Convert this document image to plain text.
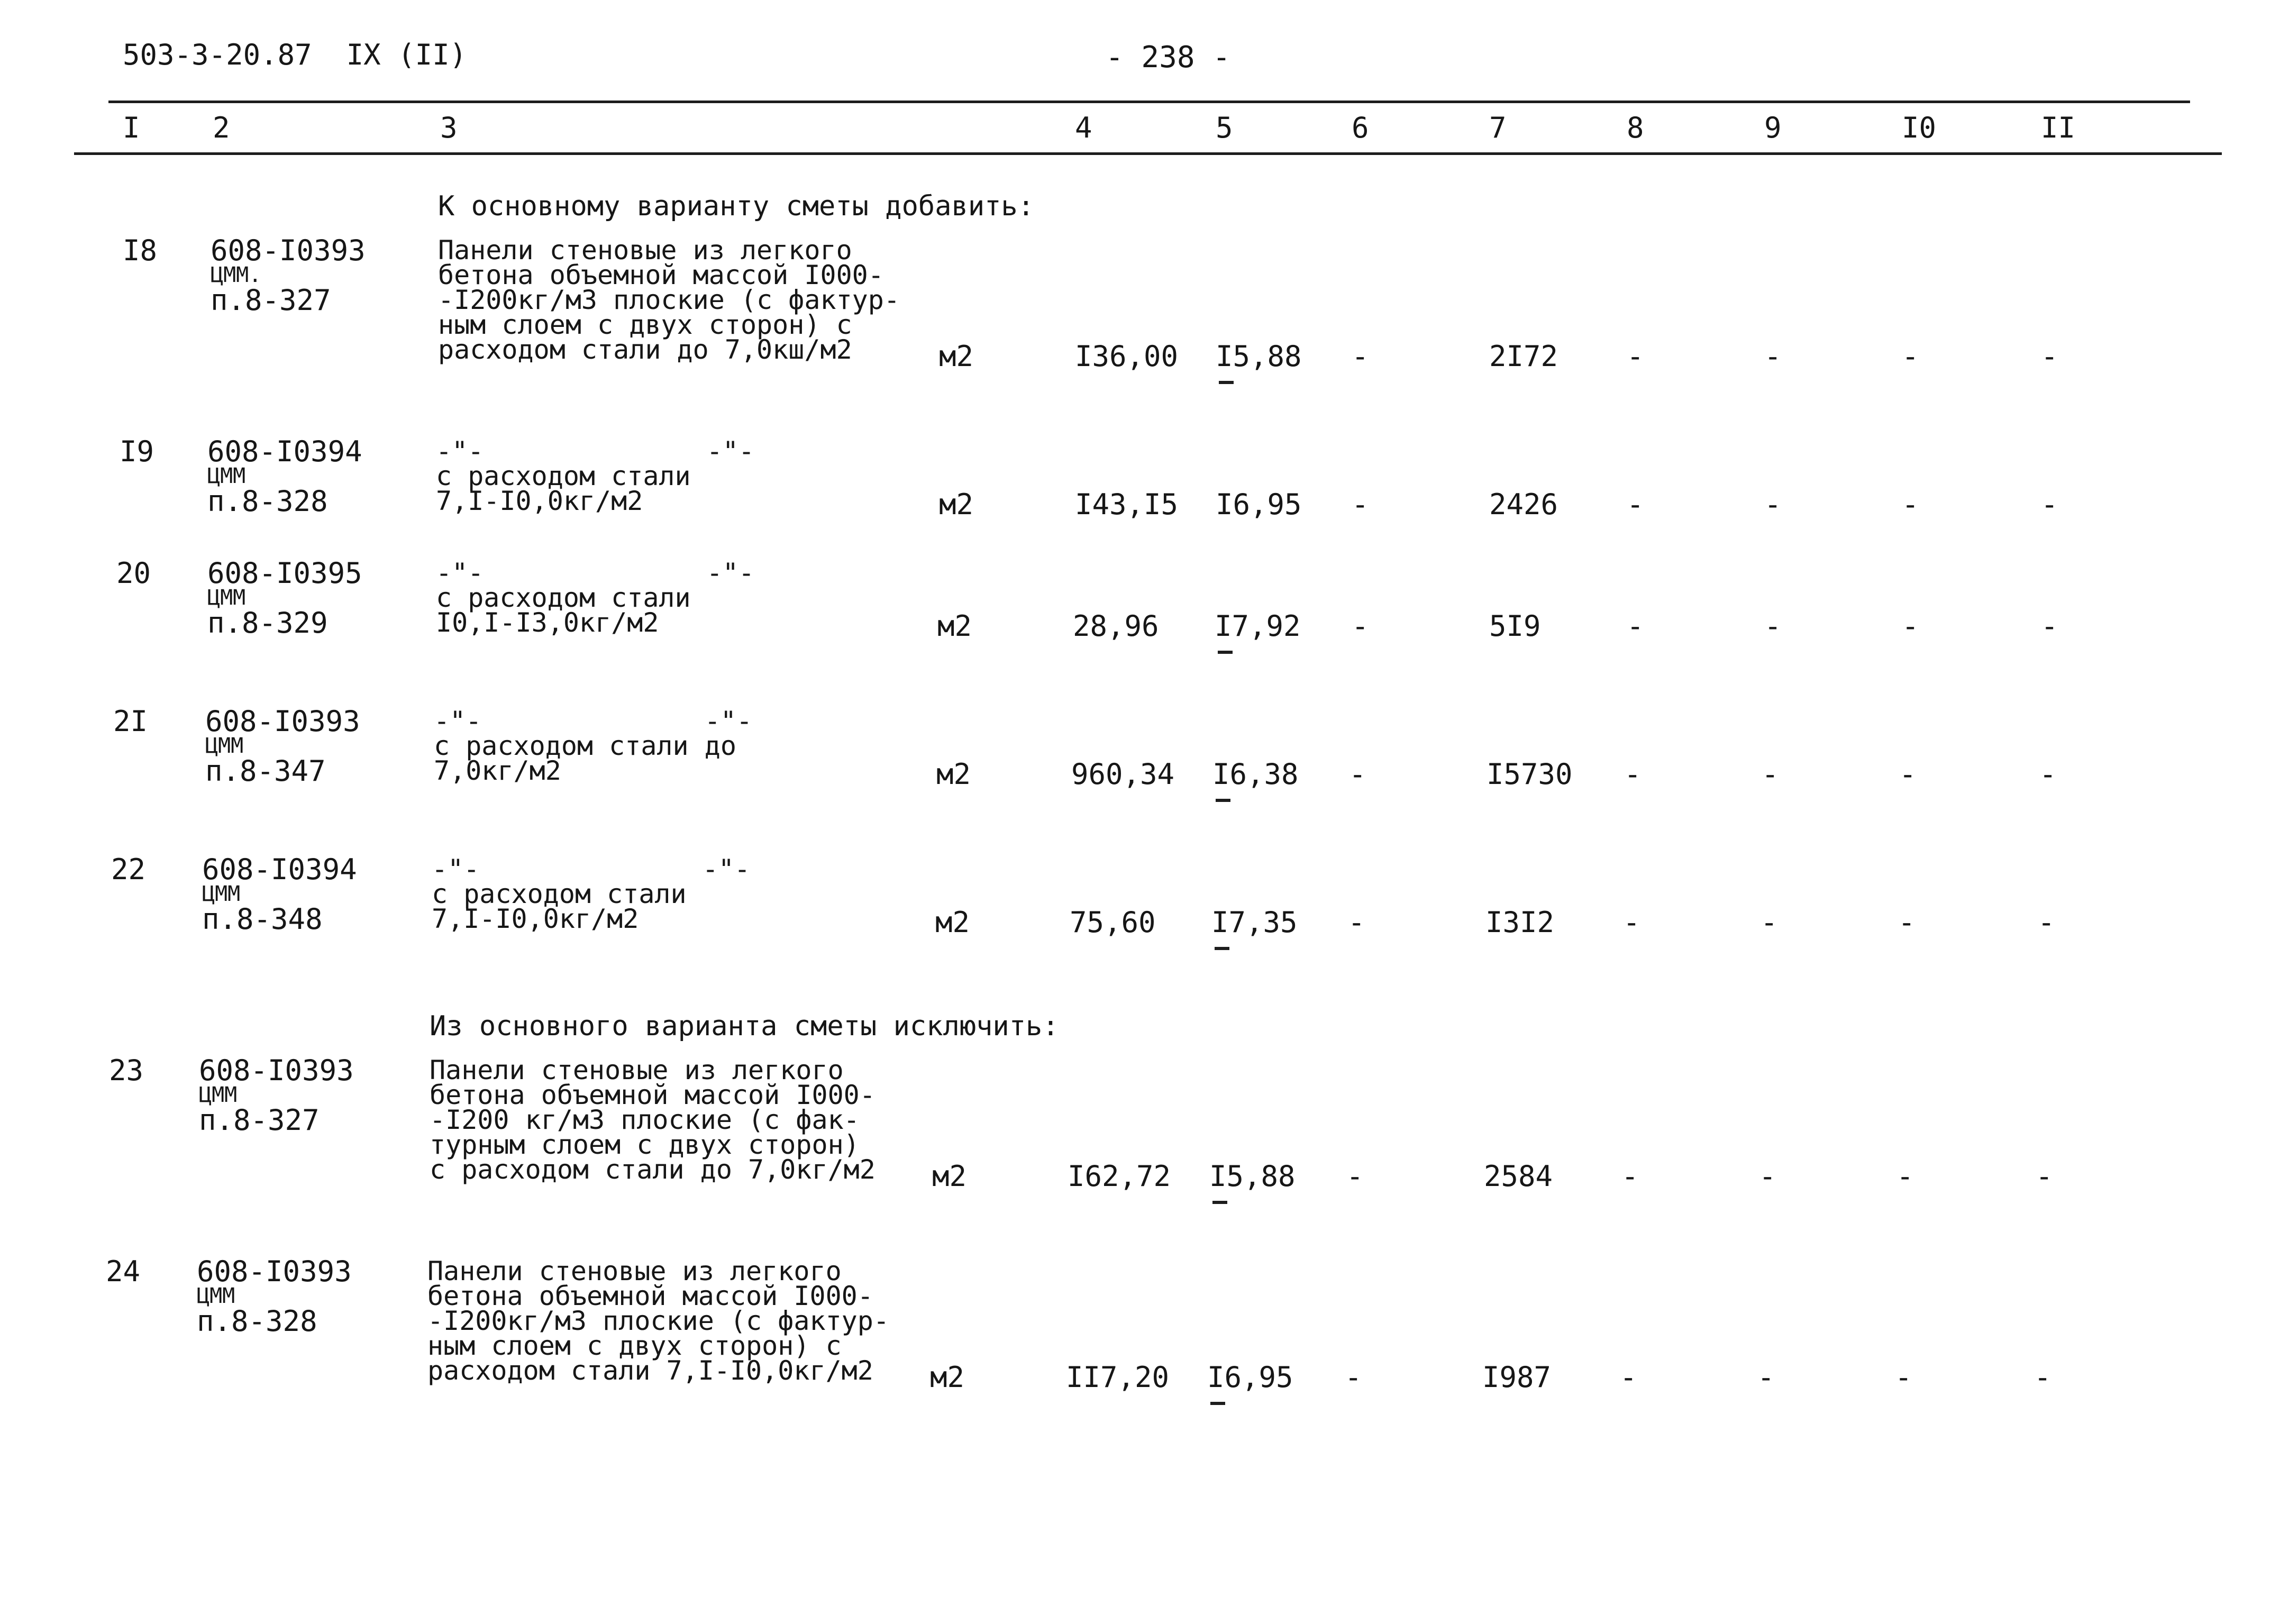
503-3-20.87  IX (II)	- 238 -
I	2	3	4	5	6	7	8	9	I0	II
К основному варианту сметы добавить:
Из основного варианта сметы исключить:
I8 608-I0393
ЦММ.
п.8-327
Панели стеновые из легкого
бетона объемной массой I000-
-I200кг/м3 плоские (с фактур-
ным слоем с двух сторон) с
расходом стали до 7,0кш/м2	м2	I36,00 I5,88 -	2I72 -	-	-	-
I9 608-I0394
ЦММ
п.8-328
-"-              -"-
с расходом стали
7,I-I0,0кг/м2	м2	I43,I5 I6,95 -	2426 -	-	-	-
20 608-I0395
ЦММ
п.8-329
-"-              -"-
с расходом стали
I0,I-I3,0кг/м2	м2	28,96 I7,92 -	5I9	-	-	-	-
2I 608-I0393
ЦММ
п.8-347
-"-              -"-
с расходом стали до
7,0кг/м2	м2	960,34 I6,38 -	I5730 -	-	-	-
22 608-I0394
ЦММ
п.8-348
-"-              -"-
с расходом стали
7,I-I0,0кг/м2	м2	75,60 I7,35 -	I3I2 -	-	-	-
23 608-I0393
ЦММ
п.8-327
Панели стеновые из легкого
бетона объемной массой I000-
-I200 кг/м3 плоские (с фак-
турным слоем с двух сторон)
с расходом стали до 7,0кг/м2 м2	I62,72 I5,88 -	2584 -	-	-	-
24 608-I0393
ЦММ
п.8-328
Панели стеновые из легкого
бетона объемной массой I000-
-I200кг/м3 плоские (с фактур-
ным слоем с двух сторон) с
расходом стали 7,I-I0,0кг/м2 м2	II7,20 I6,95 -	I987 -	-	-	-
